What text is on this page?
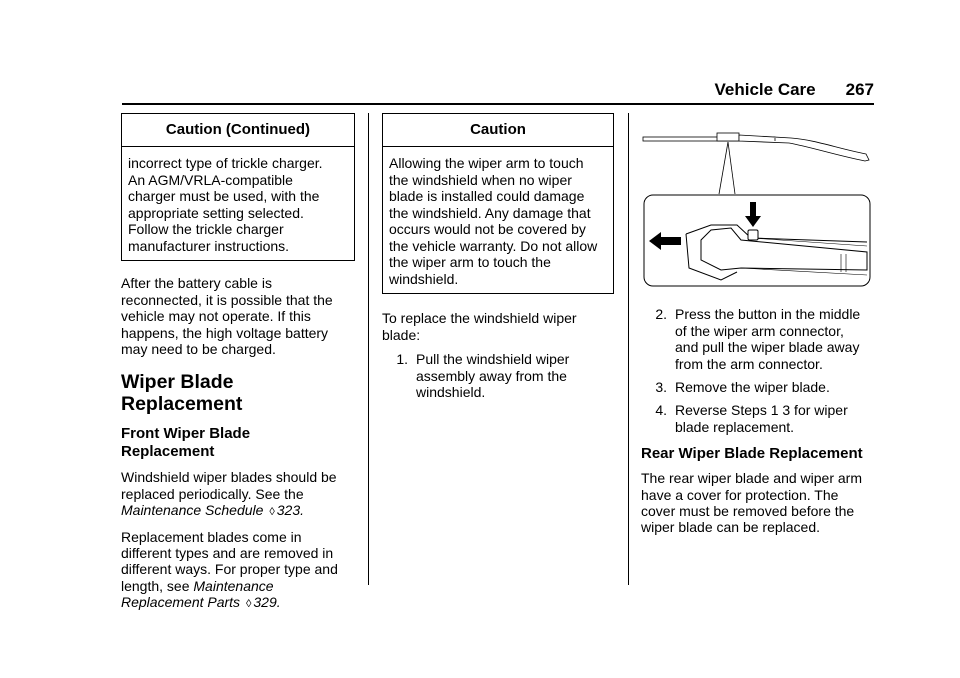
Vehicle Care 267
Caution (Continued)
incorrect type of trickle charger.
An AGM/VRLA-compatible
charger must be used, with the
appropriate setting selected.
Follow the trickle charger
manufacturer instructions.

After the battery cable is
reconnected, it is possible that the
vehicle may not operate. If this
happens, the high voltage battery
may need to be charged.

Wiper Blade Replacement
Front Wiper Blade
Replacement

Windshield wiper blades should be
replaced periodically. See the
Maintenance Schedule ◊ 323.

Replacement blades come in
different types and are removed in
different ways. For proper type and
length, see Maintenance
Replacement Parts ◊ 329.

Caution
Allowing the wiper arm to touch
the windshield when no wiper
blade is installed could damage
the windshield. Any damage that
occurs would not be covered by
the vehicle warranty. Do not allow
the wiper arm to touch the
windshield.

To replace the windshield wiper
blade:

1. Pull the windshield wiper
assembly away from the
windshield.
2. Press the button in the middle
of the wiper arm connector,
and pull the wiper blade away
from the arm connector.
3. Remove the wiper blade.
4. Reverse Steps 1 3 for wiper
blade replacement.
Rear Wiper Blade Replacement

The rear wiper blade and wiper arm
have a cover for protection. The
cover must be removed before the
wiper blade can be replaced.
